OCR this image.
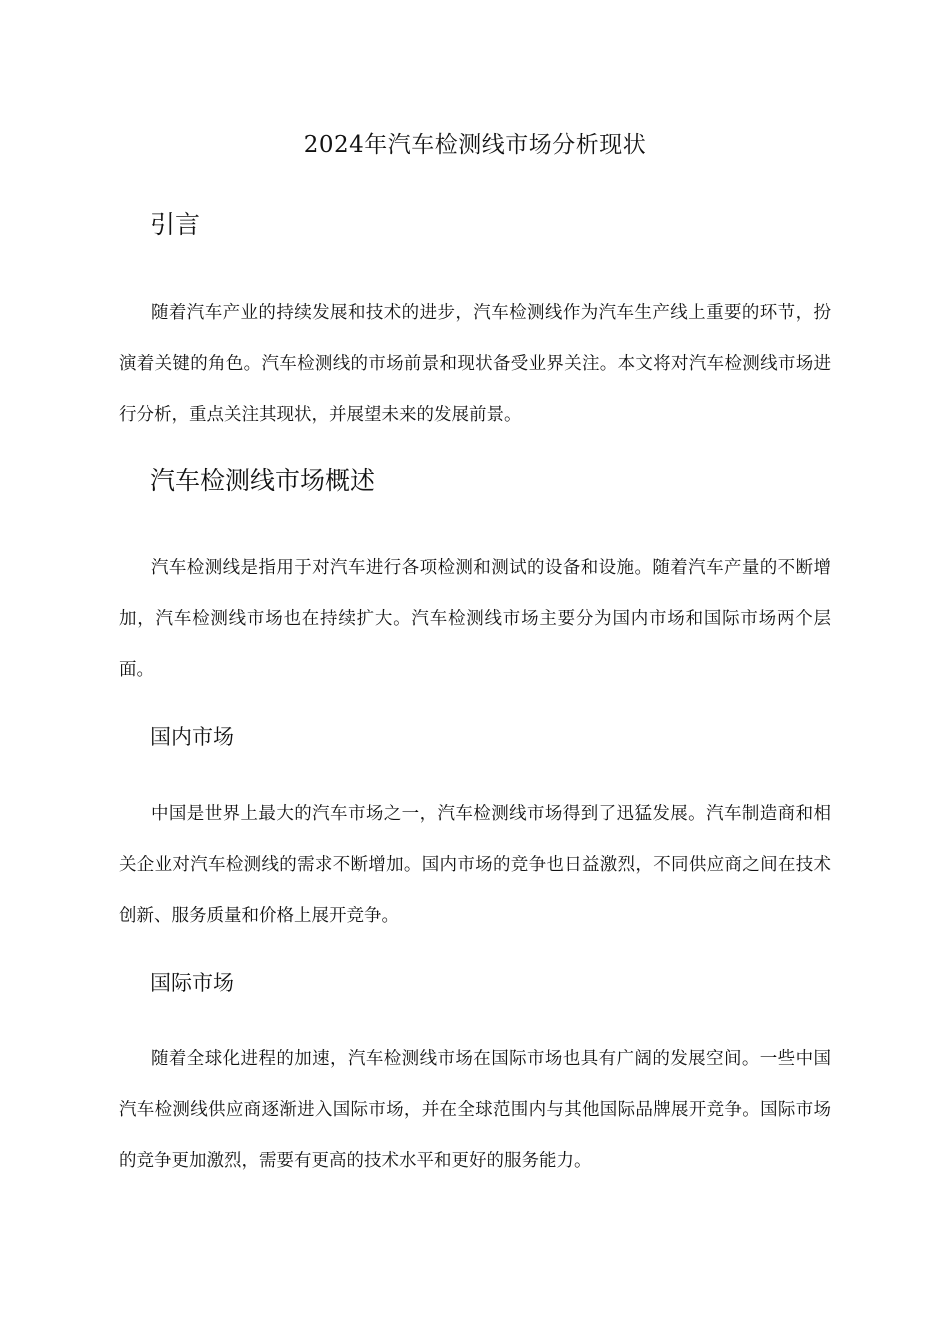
2024年汽车检测线市场分析现状
引言

随着汽车产业的持续发展和技术的进步，汽车检测线作为汽车生产线上重要的环节，扮演着关键的角色。汽车检测线的市场前景和现状备受业界关注。本文将对汽车检测线市场进行分析，重点关注其现状，并展望未来的发展前景。

汽车检测线市场概述

汽车检测线是指用于对汽车进行各项检测和测试的设备和设施。随着汽车产量的不断增加，汽车检测线市场也在持续扩大。汽车检测线市场主要分为国内市场和国际市场两个层面。

国内市场

中国是世界上最大的汽车市场之一，汽车检测线市场得到了迅猛发展。汽车制造商和相关企业对汽车检测线的需求不断增加。国内市场的竞争也日益激烈，不同供应商之间在技术创新、服务质量和价格上展开竞争。

国际市场

随着全球化进程的加速，汽车检测线市场在国际市场也具有广阔的发展空间。一些中国汽车检测线供应商逐渐进入国际市场，并在全球范围内与其他国际品牌展开竞争。国际市场的竞争更加激烈，需要有更高的技术水平和更好的服务能力。
